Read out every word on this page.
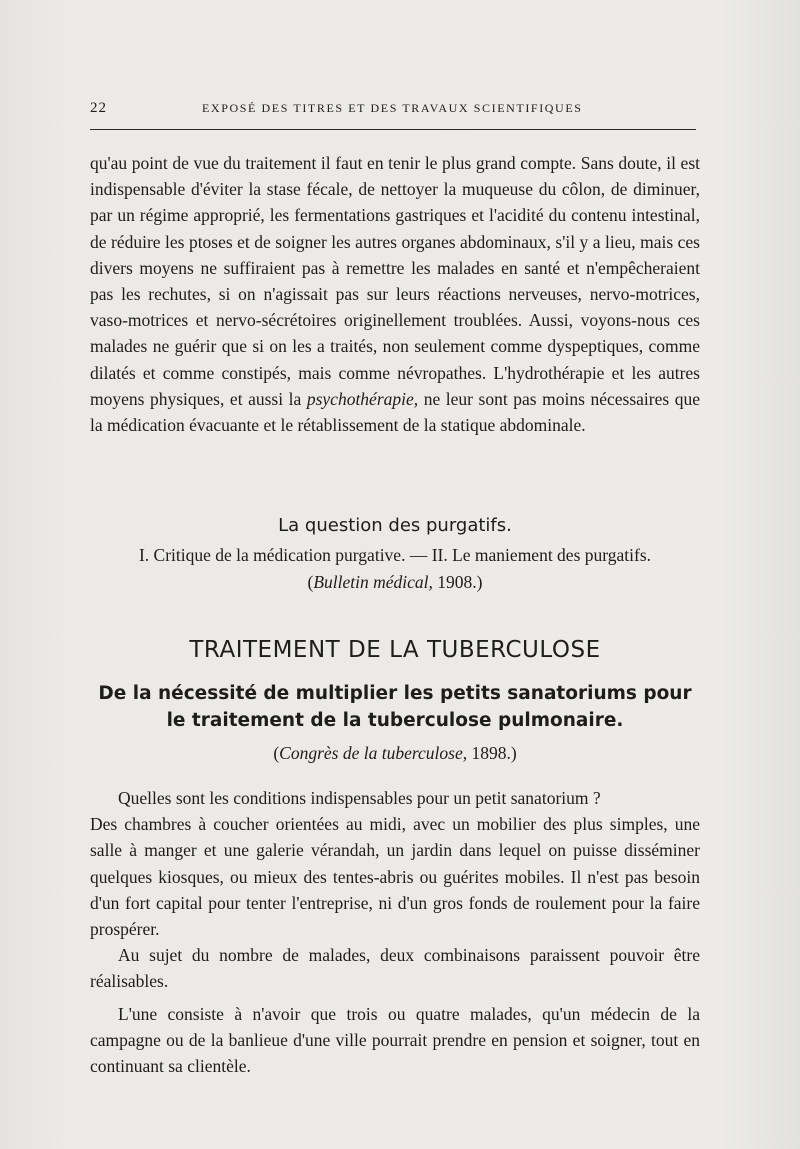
22	EXPOSÉ DES TITRES ET DES TRAVAUX SCIENTIFIQUES

qu'au point de vue du traitement il faut en tenir le plus grand compte. Sans doute, il est indispensable d'éviter la stase fécale, de nettoyer la muqueuse du côlon, de diminuer, par un régime approprié, les fermentations gastriques et l'acidité du contenu intestinal, de réduire les ptoses et de soigner les autres organes abdominaux, s'il y a lieu, mais ces divers moyens ne suffiraient pas à remettre les malades en santé et n'empêcheraient pas les rechutes, si on n'agissait pas sur leurs réactions nerveuses, nervo-motrices, vaso-motrices et nervo-sécrétoires originellement troublées. Aussi, voyons-nous ces malades ne guérir que si on les a traités, non seulement comme dyspeptiques, comme dilatés et comme constipés, mais comme névropathes. L'hydrothérapie et les autres moyens physiques, et aussi la psychothérapie, ne leur sont pas moins nécessaires que la médication évacuante et le rétablissement de la statique abdominale.

La question des purgatifs.
I. Critique de la médication purgative. — II. Le maniement des purgatifs.
(Bulletin médical, 1908.)
TRAITEMENT DE LA TUBERCULOSE
De la nécessité de multiplier les petits sanatoriums pour
le traitement de la tuberculose pulmonaire.
(Congrès de la tuberculose, 1898.)

Quelles sont les conditions indispensables pour un petit sanatorium ?

Des chambres à coucher orientées au midi, avec un mobilier des plus simples, une salle à manger et une galerie vérandah, un jardin dans lequel on puisse disséminer quelques kiosques, ou mieux des tentes-abris ou guérites mobiles. Il n'est pas besoin d'un fort capital pour tenter l'entreprise, ni d'un gros fonds de roulement pour la faire prospérer.

Au sujet du nombre de malades, deux combinaisons paraissent pouvoir être réalisables.

L'une consiste à n'avoir que trois ou quatre malades, qu'un médecin de la campagne ou de la banlieue d'une ville pourrait prendre en pension et soigner, tout en continuant sa clientèle.
